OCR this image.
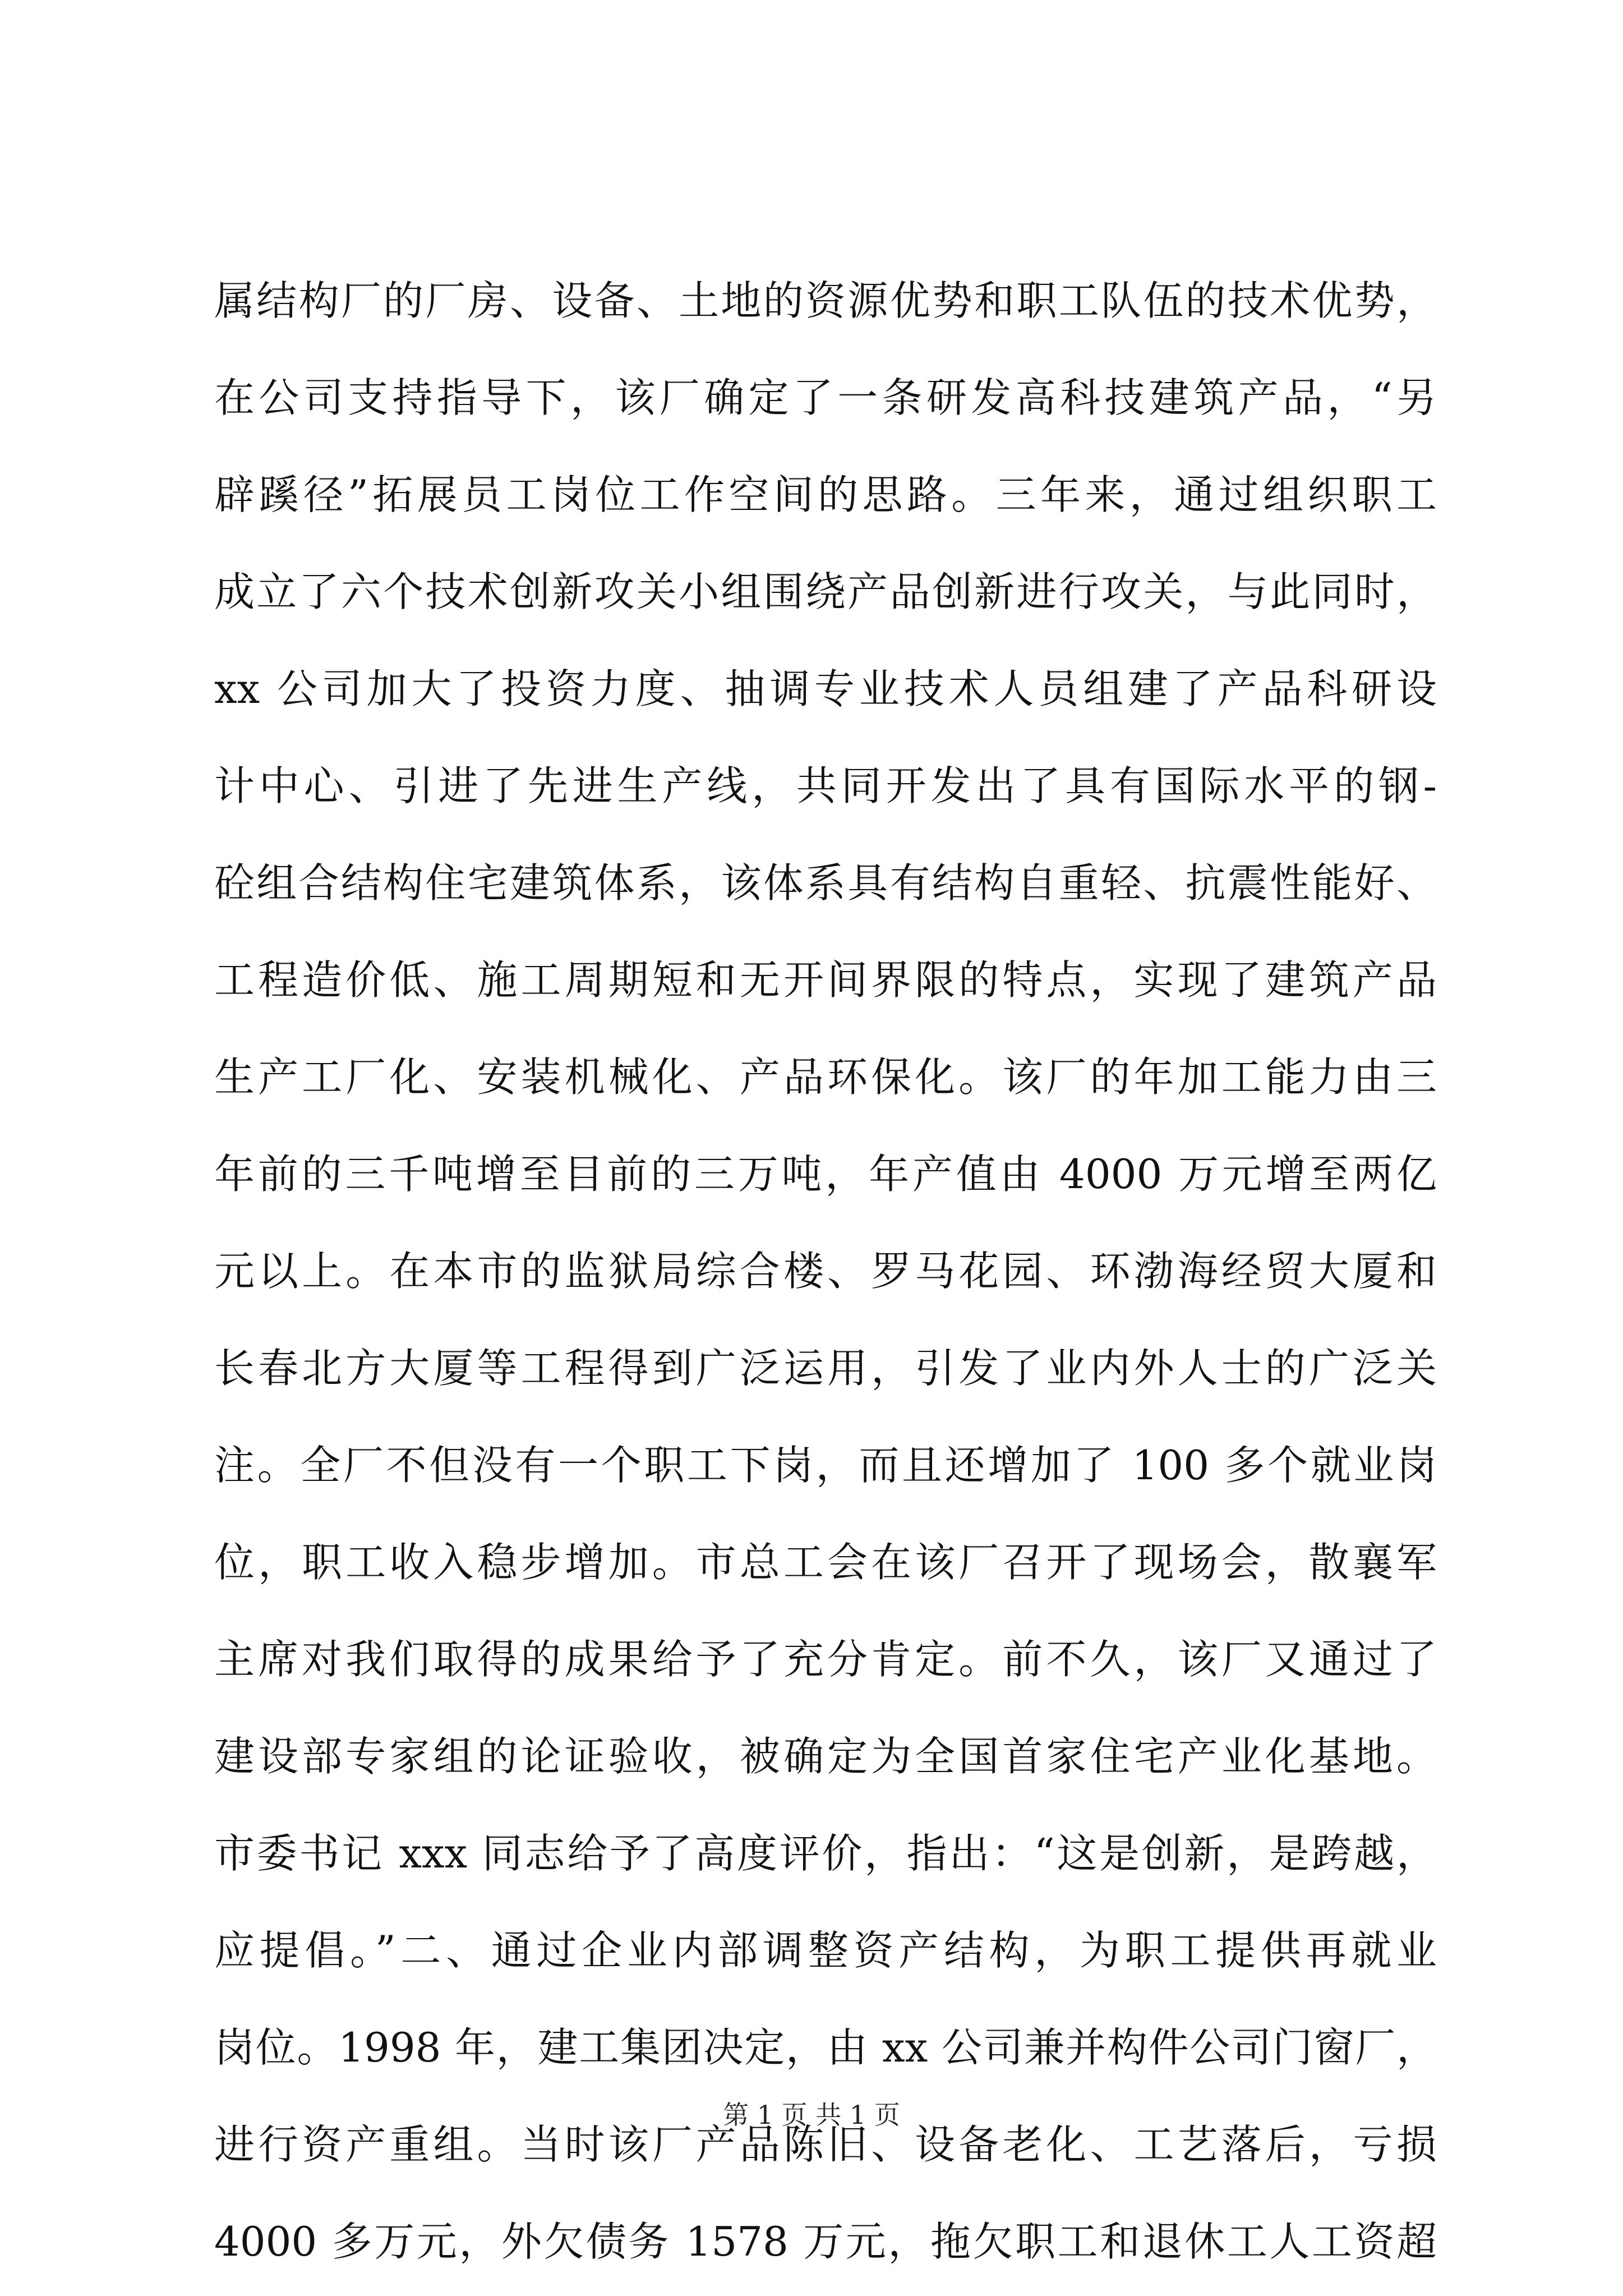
属结构厂的厂房、设备、土地的资源优势和职工队伍的技术优势，
在公司支持指导下，该厂确定了一条研发高科技建筑产品，“另
辟蹊径”拓展员工岗位工作空间的思路。三年来，通过组织职工
成立了六个技术创新攻关小组围绕产品创新进行攻关，与此同时，
xx 公司加大了投资力度、抽调专业技术人员组建了产品科研设
计中心、引进了先进生产线，共同开发出了具有国际水平的钢-
砼组合结构住宅建筑体系，该体系具有结构自重轻、抗震性能好、
工程造价低、施工周期短和无开间界限的特点，实现了建筑产品
生产工厂化、安装机械化、产品环保化。该厂的年加工能力由三
年前的三千吨增至目前的三万吨，年产值由 4000 万元增至两亿
元以上。在本市的监狱局综合楼、罗马花园、环渤海经贸大厦和
长春北方大厦等工程得到广泛运用，引发了业内外人士的广泛关
注。全厂不但没有一个职工下岗，而且还增加了 100 多个就业岗
位，职工收入稳步增加。市总工会在该厂召开了现场会，散襄军
主席对我们取得的成果给予了充分肯定。前不久，该厂又通过了
建设部专家组的论证验收，被确定为全国首家住宅产业化基地。
市委书记 xxx 同志给予了高度评价，指出：“这是创新，是跨越，
应提倡。”二、通过企业内部调整资产结构，为职工提供再就业
岗位。1998 年，建工集团决定，由 xx 公司兼并构件公司门窗厂，
进行资产重组。当时该厂产品陈旧、设备老化、工艺落后，亏损
4000 多万元，外欠债务 1578 万元，拖欠职工和退休工人工资超
第 1 页 共 1 页
